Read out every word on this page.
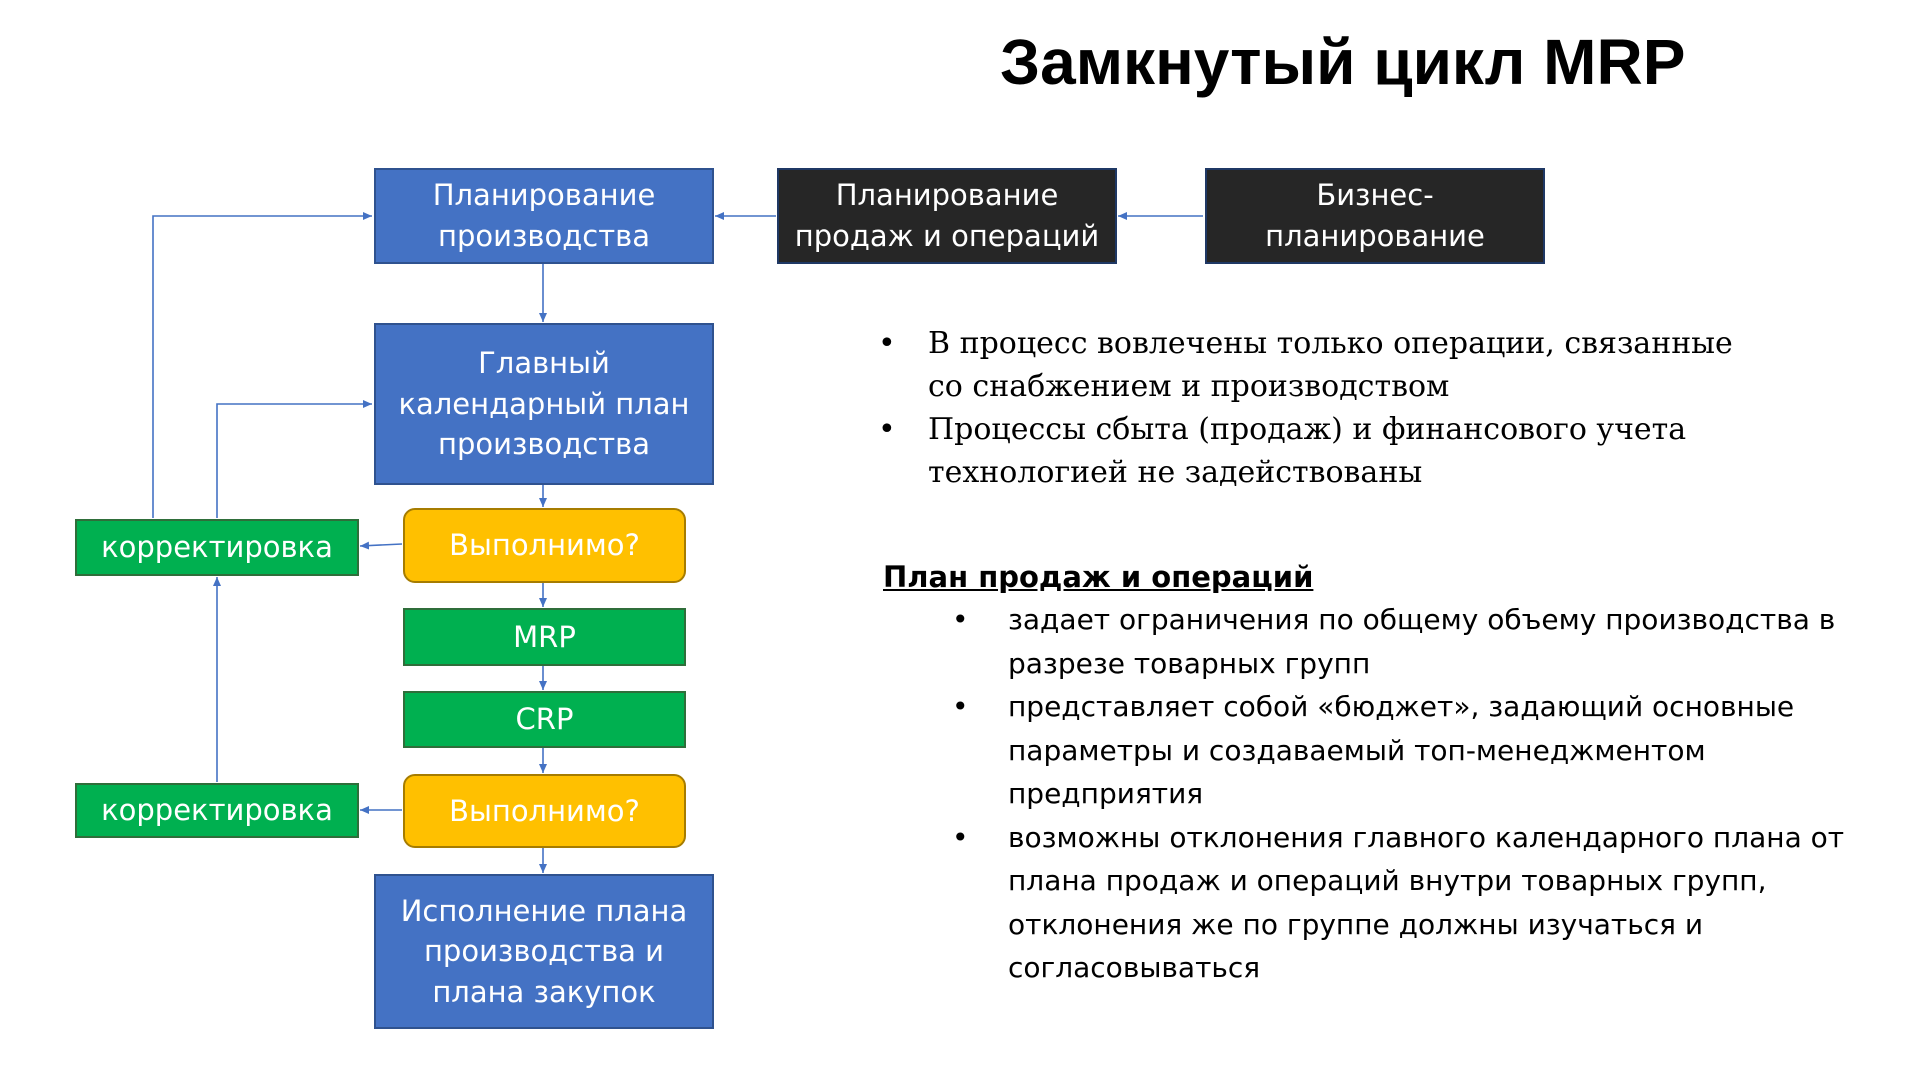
Замкнутый цикл MRP
Планирование
производства
Планирование
продаж и операций
Бизнес-
планирование
Главный
календарный план
производства
Выполнимо?
корректировка
MRP
CRP
Выполнимо?
корректировка
Исполнение плана
производства и
плана закупок
• В процесс вовлечены только операции, связанные со снабжением и производством
• Процессы сбыта (продаж) и финансового учета технологией не задействованы
План продаж и операций
• задает ограничения по общему объему производства в разрезе товарных групп
• представляет собой «бюджет», задающий основные параметры и создаваемый топ-менеджментом предприятия
• возможны отклонения главного календарного плана от плана продаж и операций внутри товарных групп, отклонения же по группе должны изучаться и согласовываться
